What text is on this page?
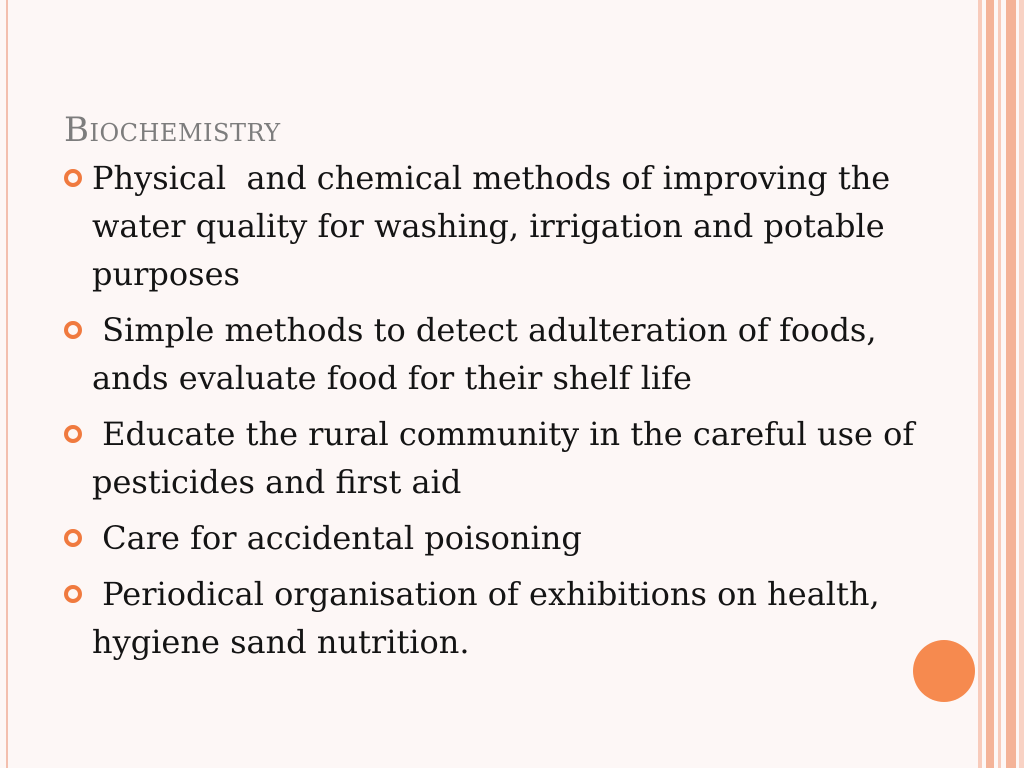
Biochemistry
Physical  and chemical methods of improving the water quality for washing, irrigation and potable purposes
Simple methods to detect adulteration of foods, ands evaluate food for their shelf life
Educate the rural community in the careful use of pesticides and first aid
Care for accidental poisoning
Periodical organisation of exhibitions on health, hygiene sand nutrition.
